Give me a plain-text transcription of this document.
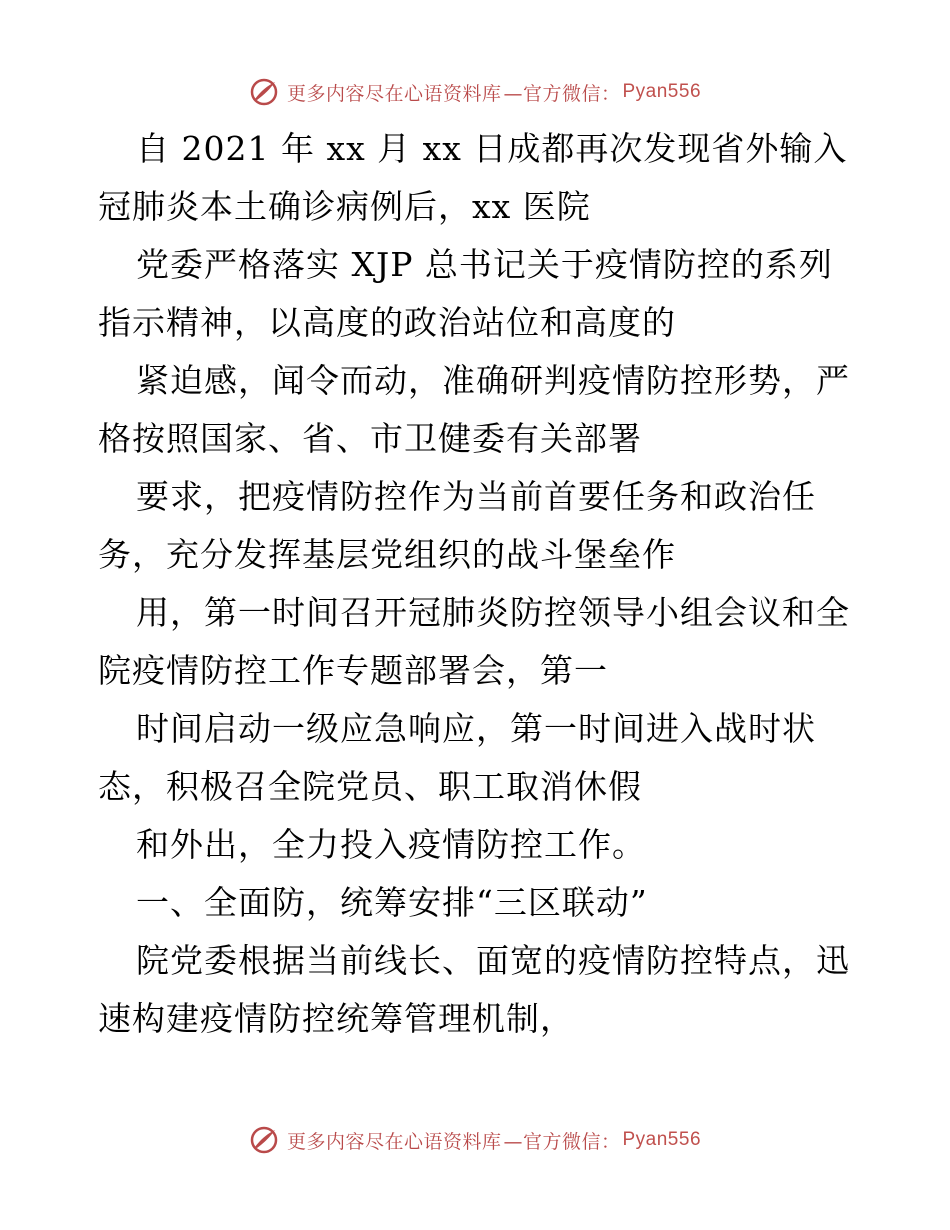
更多内容尽在心语资料库 —官方微信： Pyan556
自 2021 年 xx 月 xx 日成都再次发现省外输入
冠肺炎本土确诊病例后，xx 医院
党委严格落实 XJP 总书记关于疫情防控的系列
指示精神，以高度的政治站位和高度的
紧迫感，闻令而动，准确研判疫情防控形势，严
格按照国家、省、市卫健委有关部署
要求，把疫情防控作为当前首要任务和政治任
务，充分发挥基层党组织的战斗堡垒作
用，第一时间召开冠肺炎防控领导小组会议和全
院疫情防控工作专题部署会，第一
时间启动一级应急响应，第一时间进入战时状
态，积极召全院党员、职工取消休假
和外出，全力投入疫情防控工作。
一、全面防，统筹安排“三区联动”
院党委根据当前线长、面宽的疫情防控特点，迅
速构建疫情防控统筹管理机制，
更多内容尽在心语资料库 —官方微信： Pyan556
